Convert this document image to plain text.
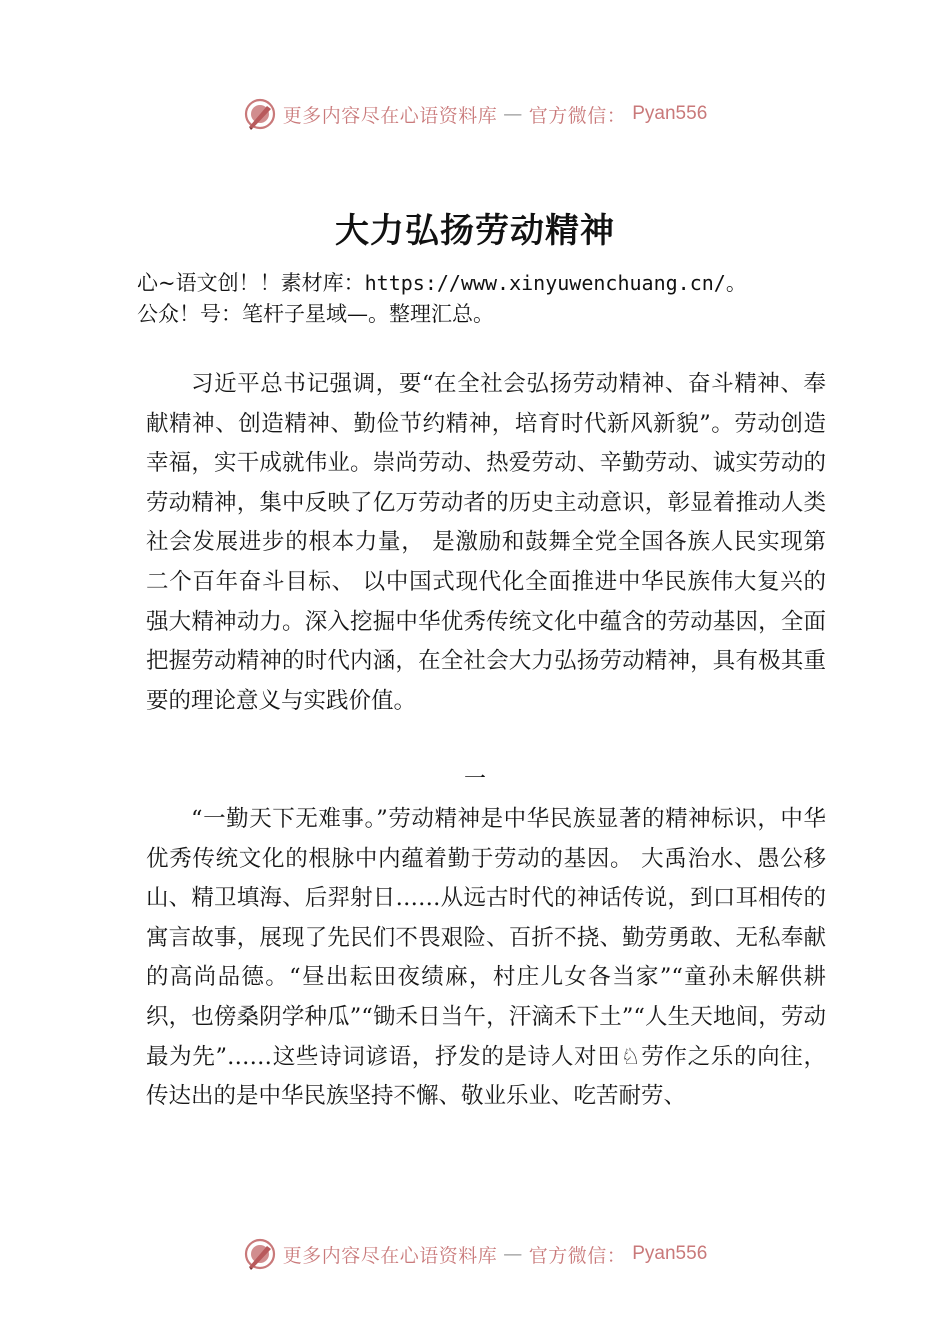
更多内容尽在心语资料库 — 官方微信： Pyan556
大力弘扬劳动精神
心~语文创！！素材库：https://www.xinyuwenchuang.cn/。
公众！号：笔杆子星域—。整理汇总。

习近平总书记强调，要“在全社会弘扬劳动精神、奋斗精神、奉献精神、创造精神、勤俭节约精神，培育时代新风新貌”。劳动创造幸福，实干成就伟业。崇尚劳动、热爱劳动、辛勤劳动、诚实劳动的劳动精神，集中反映了亿万劳动者的历史主动意识，彰显着推动人类社会发展进步的根本力量， 是激励和鼓舞全党全国各族人民实现第二个百年奋斗目标、 以中国式现代化全面推进中华民族伟大复兴的强大精神动力。深入挖掘中华优秀传统文化中蕴含的劳动基因，全面把握劳动精神的时代内涵，在全社会大力弘扬劳动精神，具有极其重要的理论意义与实践价值。

一

“一勤天下无难事。”劳动精神是中华民族显著的精神标识，中华优秀传统文化的根脉中内蕴着勤于劳动的基因。 大禹治水、愚公移山、精卫填海、后羿射日……从远古时代的神话传说，到口耳相传的寓言故事，展现了先民们不畏艰险、百折不挠、勤劳勇敢、无私奉献的高尚品德。“昼出耘田夜绩麻，村庄儿女各当家”“童孙未解供耕织，也傍桑阴学种瓜”“锄禾日当午，汗滴禾下土”“人生天地间，劳动最为先”……这些诗词谚语，抒发的是诗人对田♘劳作之乐的向往，传达出的是中华民族坚持不懈、敬业乐业、吃苦耐劳、

更多内容尽在心语资料库 — 官方微信： Pyan556
